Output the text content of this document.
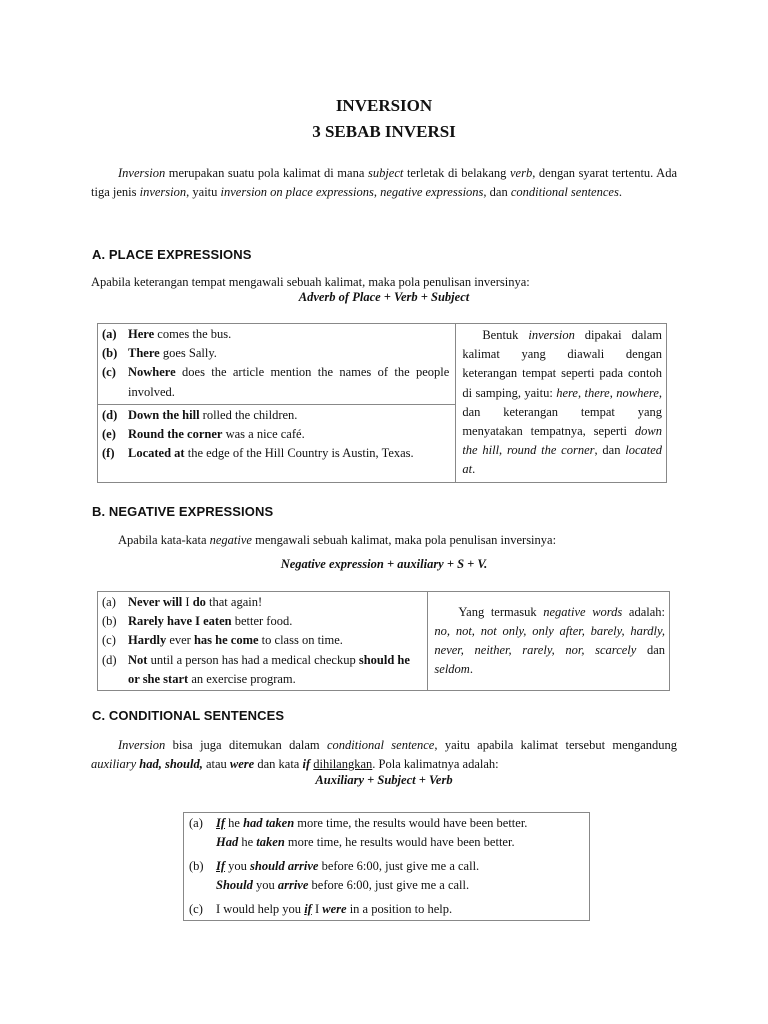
INVERSION
3 SEBAB INVERSI
Inversion merupakan suatu pola kalimat di mana subject terletak di belakang verb, dengan syarat tertentu. Ada tiga jenis inversion, yaitu inversion on place expressions, negative expressions, dan conditional sentences.
A. PLACE EXPRESSIONS
Apabila keterangan tempat mengawali sebuah kalimat, maka pola penulisan inversinya:
Adverb of Place + Verb + Subject
(a) Here comes the bus.
(b) There goes Sally.
(c) Nowhere does the article mention the names of the people involved.
	Bentuk inversion dipakai dalam kalimat yang diawali dengan keterangan tempat seperti pada contoh di samping, yaitu: here, there, nowhere, dan keterangan tempat yang menyatakan tempatnya, seperti down the hill, round the corner, dan located at.

(d) Down the hill rolled the children.
(e) Round the corner was a nice café.
(f)	Located at the edge of the Hill Country is Austin, Texas.
B. NEGATIVE EXPRESSIONS
Apabila kata-kata negative mengawali sebuah kalimat, maka pola penulisan inversinya:
Negative expression + auxiliary + S + V.
(a) Never will I do that again!
(b) Rarely have I eaten better food.
(c) Hardly ever has he come to class on time.
(d) Not until a person has had a medical checkup should he or she start an exercise program.
	Yang termasuk negative words adalah: no, not, not only, only after, barely, hardly, never, neither, rarely, nor, scarcely dan seldom.
C. CONDITIONAL SENTENCES
Inversion bisa juga ditemukan dalam conditional sentence, yaitu apabila kalimat tersebut mengandung auxiliary had, should, atau were dan kata if dihilangkan. Pola kalimatnya adalah:
Auxiliary + Subject + Verb
(a)	If he had taken more time, the results would have been better.
Had he taken more time, he results would have been better.
(b) If you should arrive before 6:00, just give me a call.
Should you arrive before 6:00, just give me a call.
(c)	I would help you if I were in a position to help.
